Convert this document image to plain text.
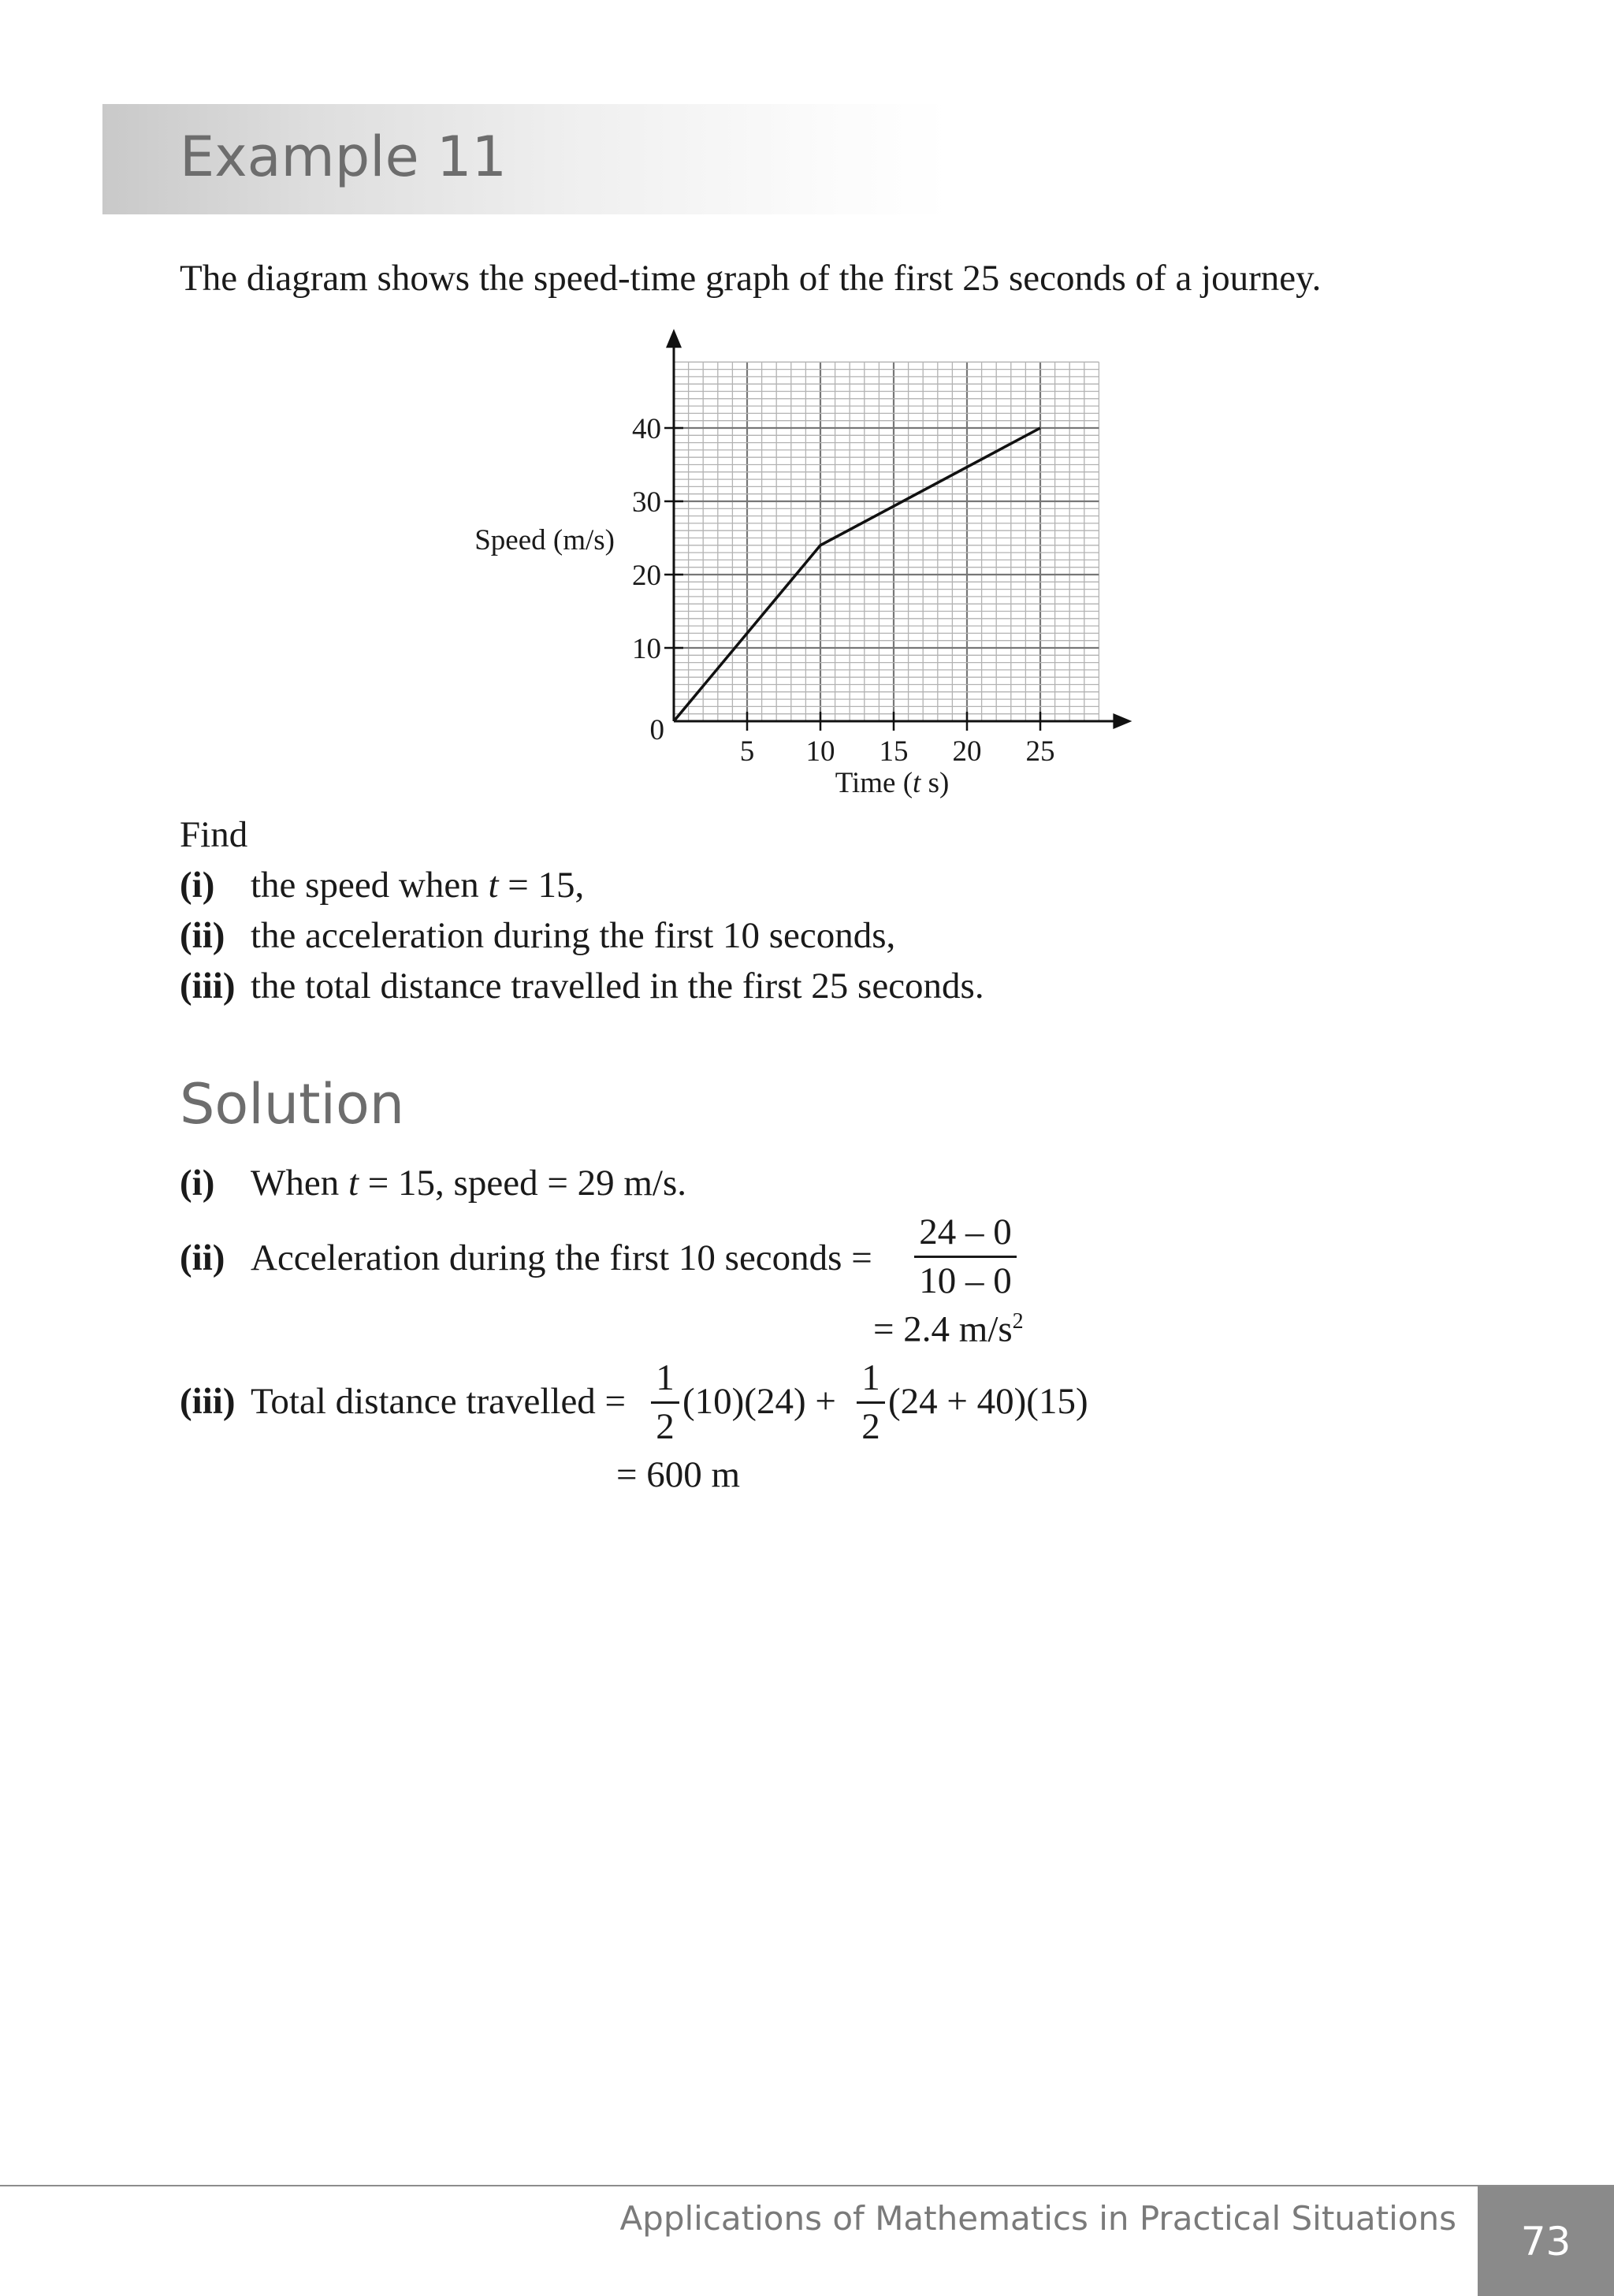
Example 11
The diagram shows the speed-time graph of the first 25 seconds of a journey.
5 10 15 20 25
10
20
30
40
Speed (m/s)
Time (t s)
0
Find
(i) the speed when t = 15,
(ii) the acceleration during the first 10 seconds,
(iii) the total distance travelled in the first 25 seconds.
Solution
(i) When t = 15, speed = 29 m/s.
(ii) Acceleration during the first 10 seconds =
24 – 0
10 – 0
= 2.4 $m/s^2$
(iii) Total distance travelled =
1
2
(10)(24) +
1
2
(24 + 40)(15)
= 600 m
Applications of Mathematics in Practical Situations	73
